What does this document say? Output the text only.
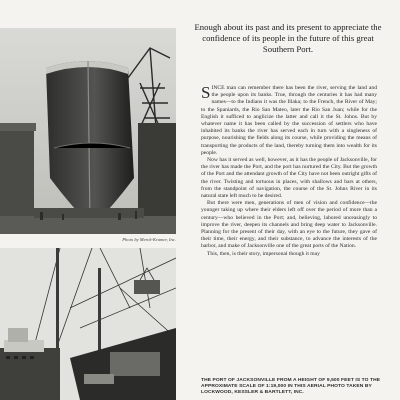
Photo by Merck-Kramer, Inc.
Enough about its past and its present to appreciate the confidence of its people in the future of this great Southern Port.

SINCE man can remember there has been the river, serving the land and the people upon its banks. True, through the centuries it has had many names—to the Indians it was the Illaka; to the French, the River of May; to the Spaniards, the Rio San Mateo, later the Rio San Juan; while for the English it sufficed to anglicize the latter and call it the St. Johns. But by whatever name it has been called by the succession of settlers who have inhabited its banks the river has served each in turn with a singleness of purpose, nourishing the fields along its course, while providing the means of transporting the products of the land, thereby turning them into wealth for its people.

Now has it served as well, however, as it has the people of Jacksonville, for the river has made the Port, and the port has nurtured the City. But the growth of the Port and the attendant growth of the City have not been outright gifts of the river. Twisting and tortuous in places, with shallows and bars at others, from the standpoint of navigation, the course of the St. Johns River in its natural state left much to be desired.

But there were men, generations of men of vision and confidence—the younger taking up where their elders left off over the period of more than a century—who believed in the Port; and, believing, labored unceasingly to improve the river, deepen its channels and bring deep water to Jacksonville. Planning for the present of their day, with an eye to the future, they gave of their time, their energy, and their substance, to advance the interests of the harbor, and make of Jacksonville one of the great ports of the Nation.

This, then, is their story, impersonal though it may

THE PORT OF JACKSONVILLE FROM A HEIGHT OF 9,500 FEET IS TO THE APPROXIMATE SCALE OF 1:19,000 IN THIS AERIAL PHOTO TAKEN BY LOCKWOOD, KESSLER & BARTLETT, INC.
